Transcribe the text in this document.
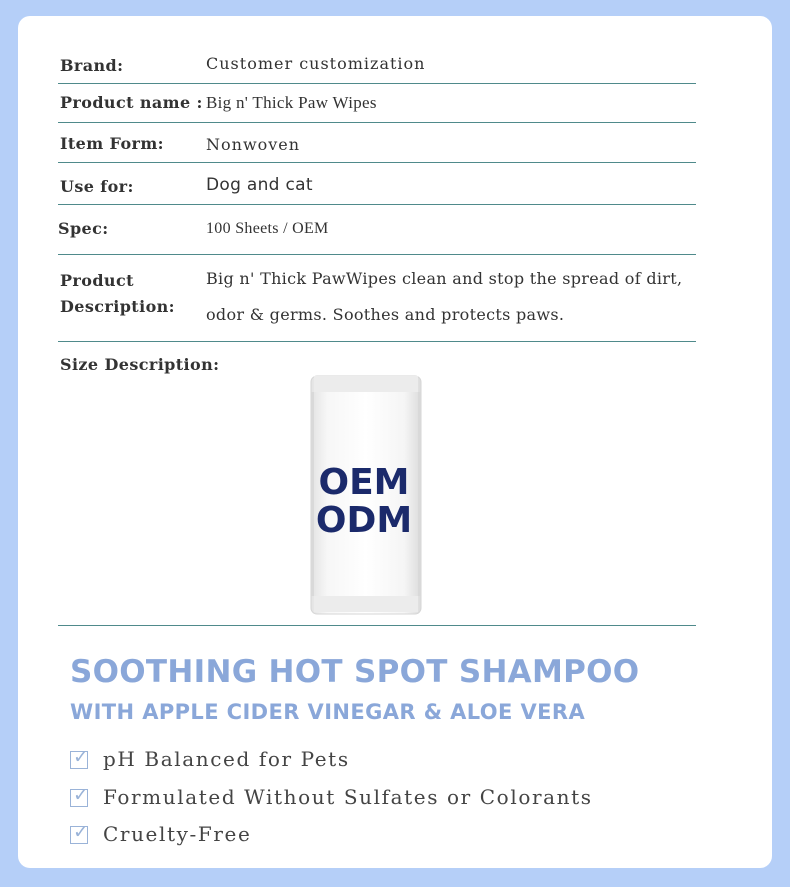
Brand:	Customer customization
Product name : Big n' Thick Paw Wipes
Item Form:	Nonwoven
Use for:	Dog and cat
Spec:	100 Sheets / OEM
Product
Description:
Big n' Thick PawWipes clean and stop the spread of dirt, odor & germs. Soothes and protects paws.
Size Description:
OEM
ODM
SOOTHING HOT SPOT SHAMPOO
WITH APPLE CIDER VINEGAR & ALOE VERA
✓ pH Balanced for Pets
✓ Formulated Without Sulfates or Colorants
✓ Cruelty-Free
